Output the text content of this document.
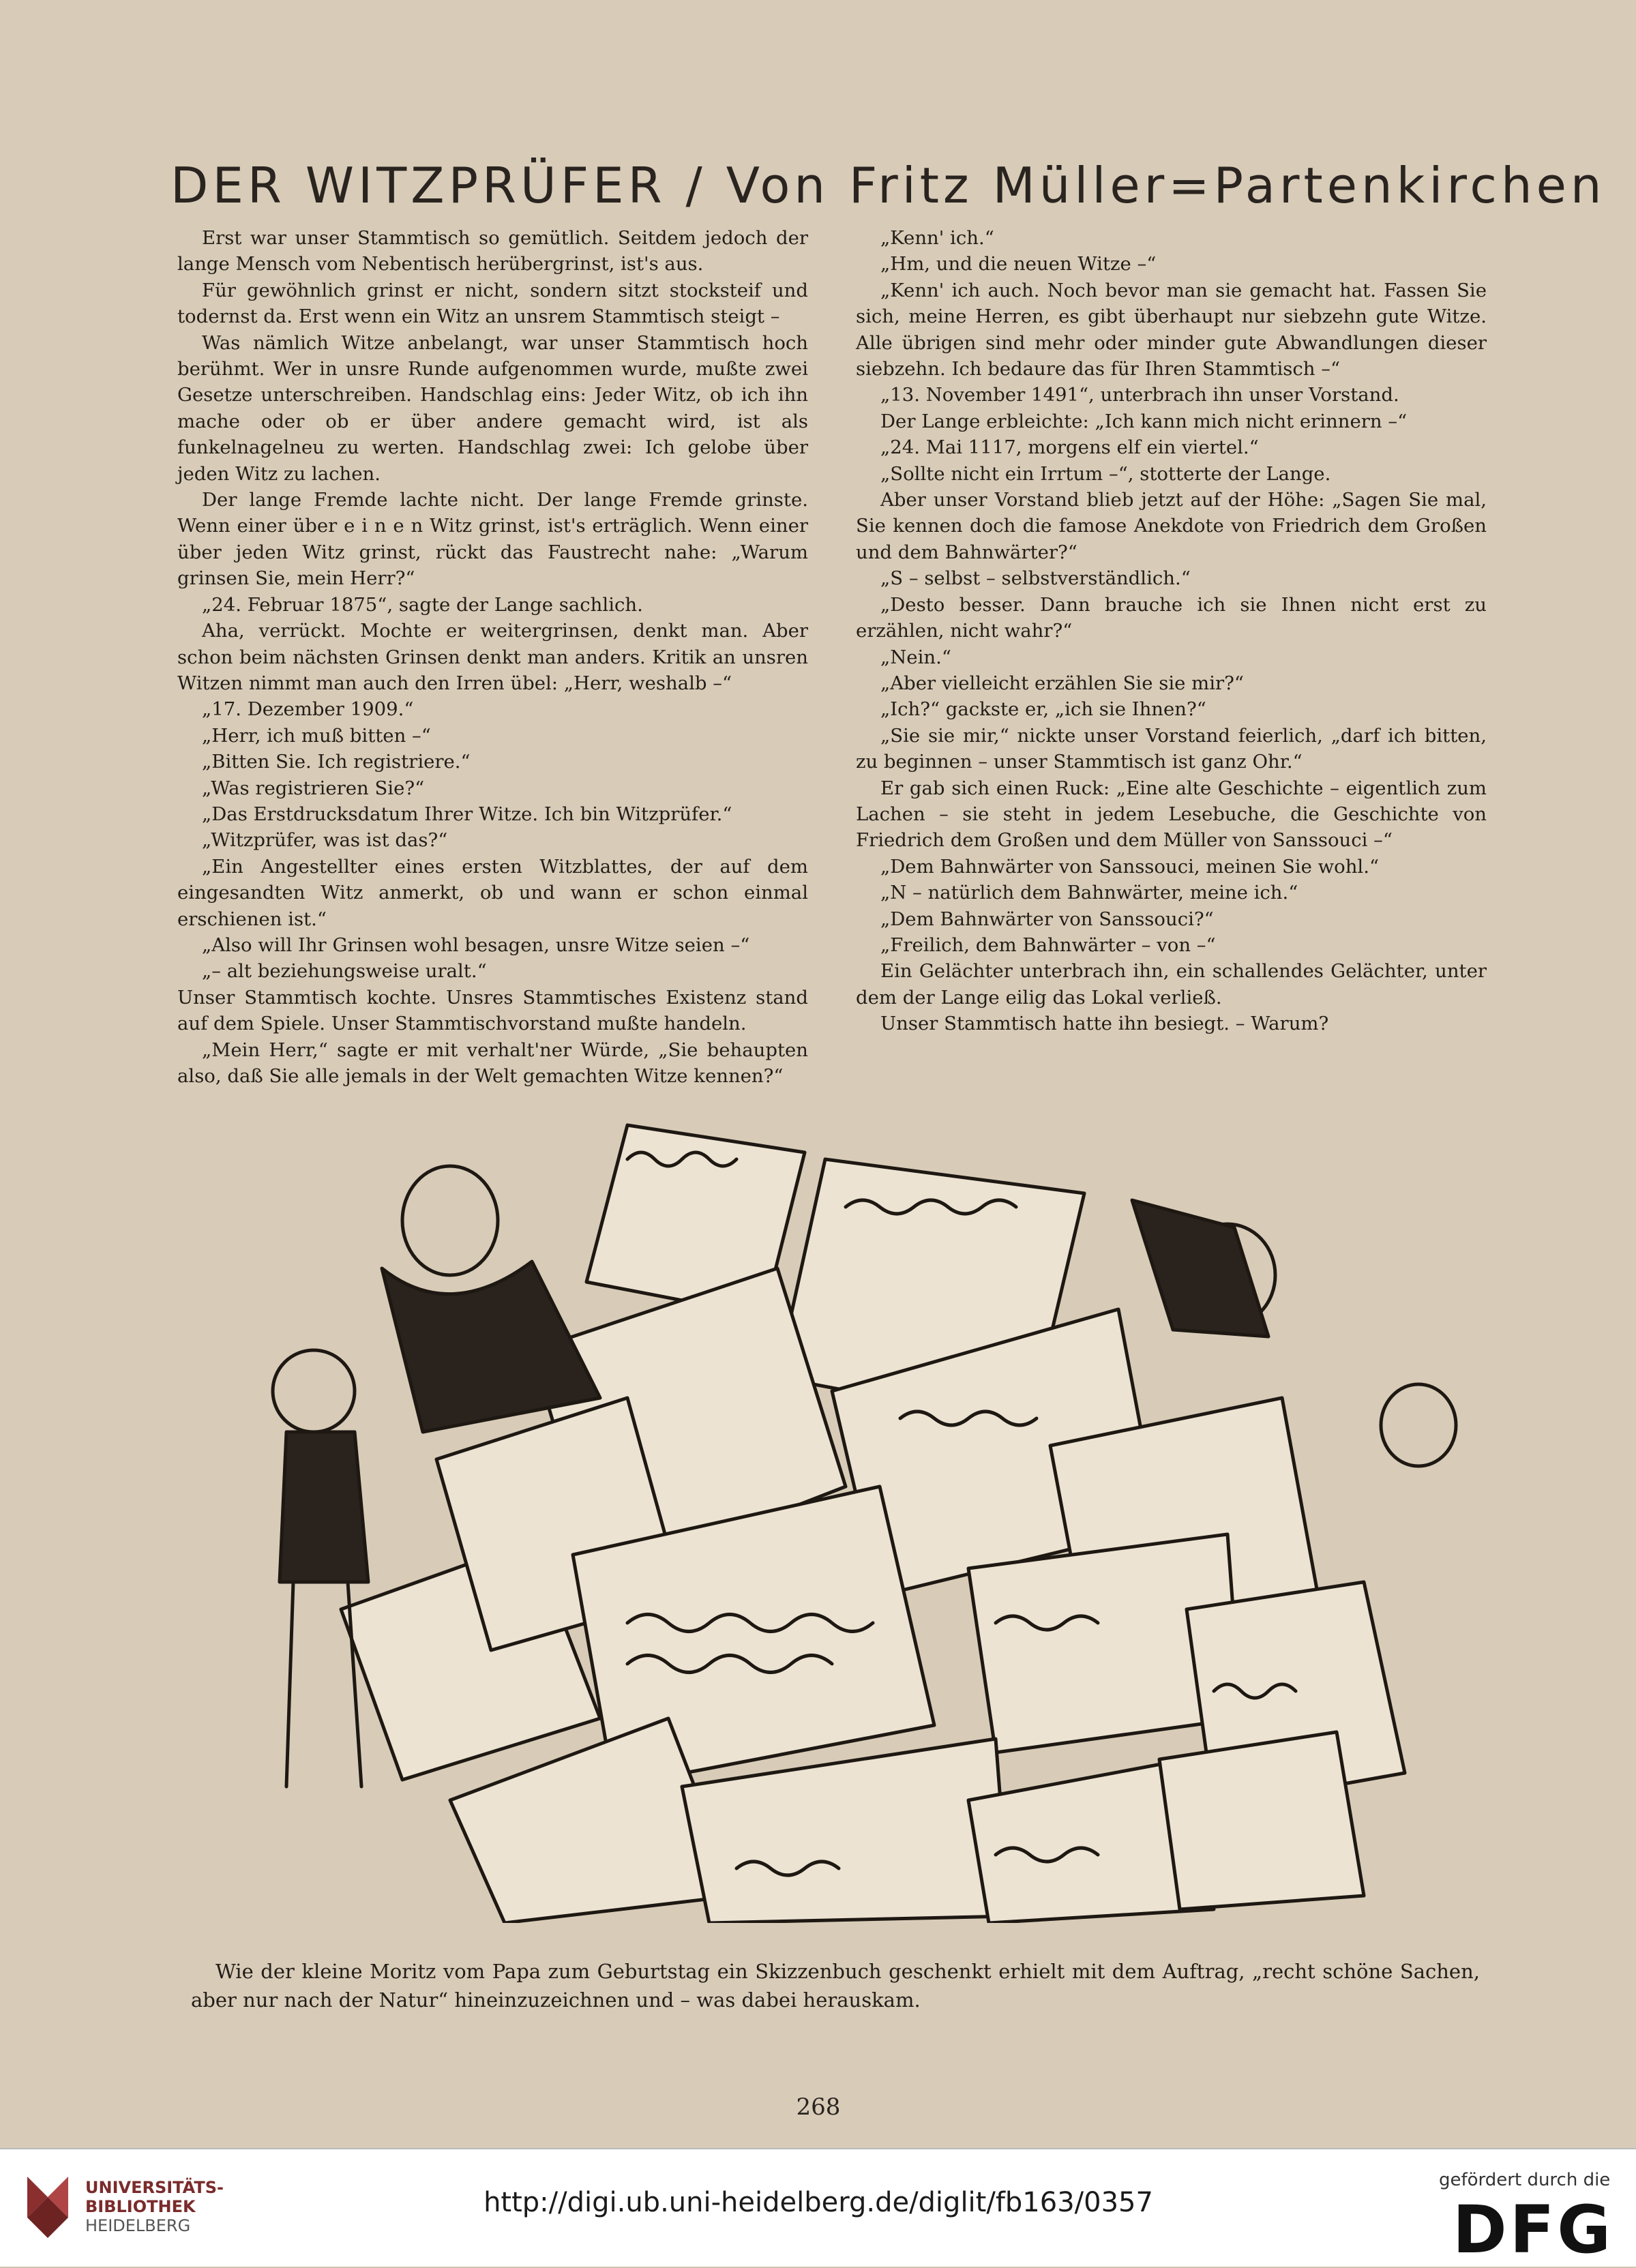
DER WITZPRÜFER / Von Fritz Müller=Partenkirchen

Erst war unser Stammtisch so gemütlich. Seitdem jedoch der lange Mensch vom Nebentisch herübergrinst, ist's aus.

Für gewöhnlich grinst er nicht, sondern sitzt stocksteif und todernst da. Erst wenn ein Witz an unsrem Stammtisch steigt –

Was nämlich Witze anbelangt, war unser Stammtisch hoch berühmt. Wer in unsre Runde aufgenommen wurde, mußte zwei Gesetze unterschreiben. Handschlag eins: Jeder Witz, ob ich ihn mache oder ob er über andere gemacht wird, ist als funkelnagelneu zu werten. Handschlag zwei: Ich gelobe über jeden Witz zu lachen.

Der lange Fremde lachte nicht. Der lange Fremde grinste. Wenn einer über e i n e n Witz grinst, ist's erträglich. Wenn einer über jeden Witz grinst, rückt das Faustrecht nahe: „Warum grinsen Sie, mein Herr?“

„24. Februar 1875“, sagte der Lange sachlich.

Aha, verrückt. Mochte er weitergrinsen, denkt man. Aber schon beim nächsten Grinsen denkt man anders. Kritik an unsren Witzen nimmt man auch den Irren übel: „Herr, weshalb –“

„17. Dezember 1909.“

„Herr, ich muß bitten –“

„Bitten Sie. Ich registriere.“

„Was registrieren Sie?“

„Das Erstdrucksdatum Ihrer Witze. Ich bin Witzprüfer.“

„Witzprüfer, was ist das?“

„Ein Angestellter eines ersten Witzblattes, der auf dem eingesandten Witz anmerkt, ob und wann er schon einmal erschienen ist.“

„Also will Ihr Grinsen wohl besagen, unsre Witze seien –“

„– alt beziehungsweise uralt.“

Unser Stammtisch kochte. Unsres Stammtisches Existenz stand auf dem Spiele. Unser Stammtischvorstand mußte handeln.

„Mein Herr,“ sagte er mit verhalt'ner Würde, „Sie behaupten also, daß Sie alle jemals in der Welt gemachten Witze kennen?“

„Kenn' ich.“

„Hm, und die neuen Witze –“

„Kenn' ich auch. Noch bevor man sie gemacht hat. Fassen Sie sich, meine Herren, es gibt überhaupt nur siebzehn gute Witze. Alle übrigen sind mehr oder minder gute Abwandlungen dieser siebzehn. Ich bedaure das für Ihren Stammtisch –“

„13. November 1491“, unterbrach ihn unser Vorstand.

Der Lange erbleichte: „Ich kann mich nicht erinnern –“

„24. Mai 1117, morgens elf ein viertel.“

„Sollte nicht ein Irrtum –“, stotterte der Lange.

Aber unser Vorstand blieb jetzt auf der Höhe: „Sagen Sie mal, Sie kennen doch die famose Anekdote von Friedrich dem Großen und dem Bahnwärter?“

„S – selbst – selbstverständlich.“

„Desto besser. Dann brauche ich sie Ihnen nicht erst zu erzählen, nicht wahr?“

„Nein.“

„Aber vielleicht erzählen Sie sie mir?“

„Ich?“ gackste er, „ich sie Ihnen?“

„Sie sie mir,“ nickte unser Vorstand feierlich, „darf ich bitten, zu beginnen – unser Stammtisch ist ganz Ohr.“

Er gab sich einen Ruck: „Eine alte Geschichte – eigentlich zum Lachen – sie steht in jedem Lesebuche, die Geschichte von Friedrich dem Großen und dem Müller von Sanssouci –“

„Dem Bahnwärter von Sanssouci, meinen Sie wohl.“

„N – natürlich dem Bahnwärter, meine ich.“

„Dem Bahnwärter von Sanssouci?“

„Freilich, dem Bahnwärter – von –“

Ein Gelächter unterbrach ihn, ein schallendes Gelächter, unter dem der Lange eilig das Lokal verließ.

Unser Stammtisch hatte ihn besiegt. – Warum?

Wie der kleine Moritz vom Papa zum Geburtstag ein Skizzenbuch geschenkt erhielt mit dem Auftrag, „recht schöne Sachen, aber nur nach der Natur“ hineinzuzeichnen und – was dabei herauskam.
268
UNIVERSITÄTS-
BIBLIOTHEK
HEIDELBERG
http://digi.ub.uni-heidelberg.de/diglit/fb163/0357
gefördert durch die
DFG
